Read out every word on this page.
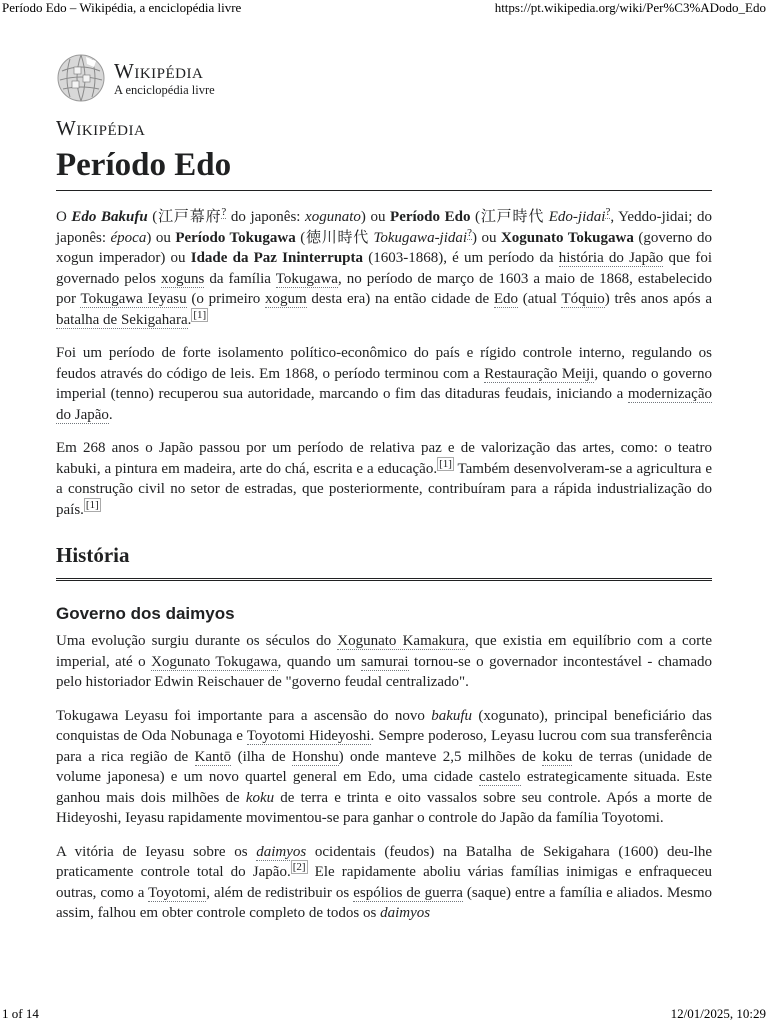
Período Edo – Wikipédia, a enciclopédia livre	https://pt.wikipedia.org/wiki/Per%C3%ADodo_Edo
Wikipédia
A enciclopédia livre
Wikipédia
Período Edo

O Edo Bakufu (江戸幕府? do japonês: xogunato) ou Período Edo (江戸時代 Edo-jidai?, Yeddo-jidai; do japonês: época) ou Período Tokugawa (徳川時代 Tokugawa-jidai?) ou Xogunato Tokugawa (governo do xogun imperador) ou Idade da Paz Ininterrupta (1603-1868), é um período da história do Japão que foi governado pelos xoguns da família Tokugawa, no período de março de 1603 a maio de 1868, estabelecido por Tokugawa Ieyasu (o primeiro xogum desta era) na então cidade de Edo (atual Tóquio) três anos após a batalha de Sekigahara. [1]

Foi um período de forte isolamento político-econômico do país e rígido controle interno, regulando os feudos através do código de leis. Em 1868, o período terminou com a Restauração Meiji, quando o governo imperial (tenno) recuperou sua autoridade, marcando o fim das ditaduras feudais, iniciando a modernização do Japão.

Em 268 anos o Japão passou por um período de relativa paz e de valorização das artes, como: o teatro kabuki, a pintura em madeira, arte do chá, escrita e a educação. [1] Também desenvolveram-se a agricultura e a construção civil no setor de estradas, que posteriormente, contribuíram para a rápida industrialização do país. [1]

História
Governo dos daimyos

Uma evolução surgiu durante os séculos do Xogunato Kamakura, que existia em equilíbrio com a corte imperial, até o Xogunato Tokugawa, quando um samurai tornou-se o governador incontestável - chamado pelo historiador Edwin Reischauer de "governo feudal centralizado".

Tokugawa Leyasu foi importante para a ascensão do novo bakufu (xogunato), principal beneficiário das conquistas de Oda Nobunaga e Toyotomi Hideyoshi. Sempre poderoso, Leyasu lucrou com sua transferência para a rica região de Kantō (ilha de Honshu) onde manteve 2,5 milhões de koku de terras (unidade de volume japonesa) e um novo quartel general em Edo, uma cidade castelo estrategicamente situada. Este ganhou mais dois milhões de koku de terra e trinta e oito vassalos sobre seu controle. Após a morte de Hideyoshi, Ieyasu rapidamente movimentou-se para ganhar o controle do Japão da família Toyotomi.

A vitória de Ieyasu sobre os daimyos ocidentais (feudos) na Batalha de Sekigahara (1600) deu-lhe praticamente controle total do Japão. [2] Ele rapidamente aboliu várias famílias inimigas e enfraqueceu outras, como a Toyotomi, além de redistribuir os espólios de guerra (saque) entre a família e aliados. Mesmo assim, falhou em obter controle completo de todos os daimyos

1 of 14	12/01/2025, 10:29
